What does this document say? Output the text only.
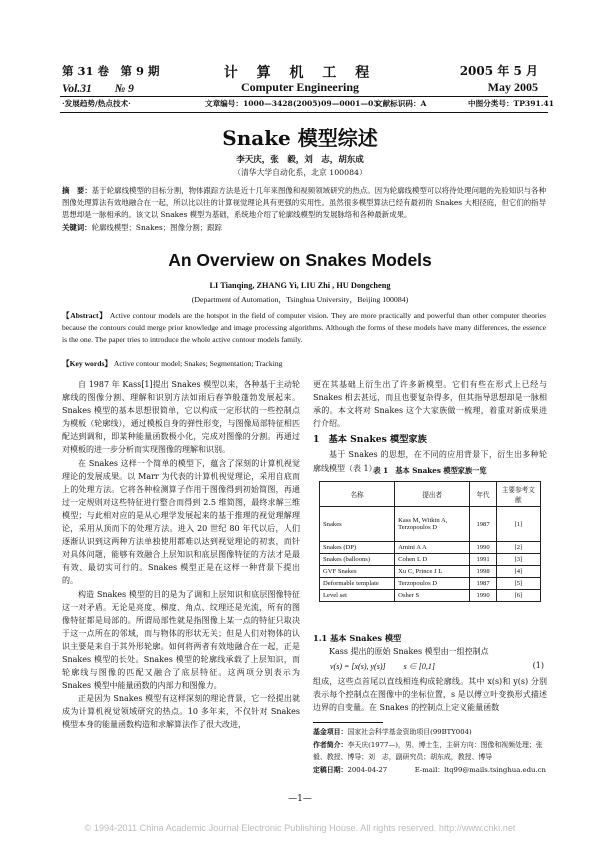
第 31 卷　第 9 期
Vol.31　　№ 9
计 算 机 工 程
Computer Engineering
2005 年 5 月
May 2005
·发展趋势/热点技术·	文章编号：1000—3428(2005)09—0001—03
文献标识码：A	中图分类号：TP391.41
Snake 模型综述
李天庆，张　毅，刘　志，胡东成
（清华大学自动化系，北京 100084）
摘　要：基于轮廓线模型的目标分割，物体跟踪方法是近十几年来图像和视频领域研究的热点。因为轮廓线模型可以将待处理问题的先验知识与各种图像处理算法有效地融合在一起，所以比以往的计算视觉理论具有更强的实用性。虽然很多模型算法已经有最初的 Snakes 大相径庭，但它们的指导思想却是一脉相承的。该文以 Snakes 模型为基础，系统地介绍了轮廓线模型的发展脉络和各种最新成果。
关键词：轮廓线模型；Snakes；图像分割；跟踪
An Overview on Snakes Models
LI Tianqing, ZHANG Yi, LIU Zhi , HU Dongcheng
(Department of Automation，Tsinghua University，Beijing 100084)
【Abstract】 Active contour models are the hotspot in the field of computer vision. They are more practically and powerful than other computer theories because the contours could merge prior knowledge and image processing algorithms. Although the forms of these models have many differences, the essence is the one. The paper tries to introduce the whole active contour models family.
【Key words】 Active contour model; Snakes; Segmentation; Tracking

自 1987 年 Kass[1]提出 Snakes 模型以来，各种基于主动轮廓线的图像分割、理解和识别方法如雨后春笋般蓬勃发展起来。Snakes 模型的基本思想很简单，它以构成一定形状的一些控制点为模板（轮廓线），通过模板自身的弹性形变，与图像局部特征相匹配达到调和，即某种能量函数极小化，完成对图像的分割。再通过对模板的进一步分析而实现图像的理解和识别。

在 Snakes 这样一个简单的模型下，蕴含了深刻的计算机视觉理论的发展成果。以 Marr 为代表的计算机视觉理论，采用自底而上的处理方法。它将各种检测算子作用于图像得到初始简图，再通过一定规则对这些特征进行整合而得到 2.5 维简图，最终求解三维模型；与此相对应的是从心理学发展起来的基于推理的视觉理解理论，采用从顶而下的处理方法。进入 20 世纪 80 年代以后，人们逐渐认识到这两种方法单独使用都难以达到视觉理论的初衷，而针对具体问题，能够有效融合上层知识和底层图像特征的方法才是最有效、最切实可行的。Snakes 模型正是在这样一种背景下提出的。

构造 Snakes 模型的目的是为了调和上层知识和底层图像特征这一对矛盾。无论是亮度、梯度、角点、纹理还是光流，所有的图像特征都是局部的。所谓局部性就是指图像上某一点的特征只取决于这一点所在的邻域，而与物体的形状无关；但是人们对物体的认识主要是来自于其外形轮廓。如何将两者有效地融合在一起，正是 Snakes 模型的长处。Snakes 模型的轮廓线承载了上层知识，而轮廓线与图像的匹配又融合了底层特征。这两项分别表示为 Snakes 模型中能量函数的内部力和图像力。

正是因为 Snakes 模型有这样深刻的理论背景，它一经提出就成为计算机视觉领域研究的热点。10 多年来，不仅针对 Snakes 模型本身的能量函数构造和求解算法作了很大改进，

更在其基础上衍生出了许多新模型。它们有些在形式上已经与 Snakes 相去甚远，而且也要复杂得多，但其指导思想却是一脉相承的。本文将对 Snakes 这个大家族做一梳理，着重对新成果进行介绍。

1　基本 Snakes 模型家族

基于 Snakes 的思想，在不同的应用背景下，衍生出多种轮廓线模型（表 1）。

表 1　基本 Snakes 模型家族一览
名称	提出者	年代	主要参考文献
Snakes	Kass M, Witkin A, Terzopoulos D	1987	[1]
Snakes (DP)	Amini A A	1990	[2]
Snakes (balloons)	Cohen L D	1991	[3]
GVF Snakes	Xu C, Prince J L	1998	[4]
Deformable template	Terzopoulos D	1987	[5]
Level set	Osher S	1990	[6]
1.1 基本 Snakes 模型

Kass 提出的原始 Snakes 模型由一组控制点

v(s) = [x(s), y(s)]　　 s ∈ [0,1]	(1)

组成，这些点首尾以直线相连构成轮廓线。其中 x(s)和 y(s) 分别表示每个控制点在图像中的坐标位置，s 是以傅立叶变换形式描述边界的自变量。在 Snakes 的控制点上定义能量函数

基金项目：国家社会科学基金资助项目(99BTY004)
作者简介：李天庆(1977—)，男，博士生，主研方向：图像和视频处理；张　毅、教授、博导；刘　志，副研究员；胡东成，教授、博导
定稿日期：2004-04-27　　　　E-mail：ltq99@mails.tsinghua.edu.cn
—1—
© 1994-2011 China Academic Journal Electronic Publishing House. All rights reserved. http://www.cnki.net
